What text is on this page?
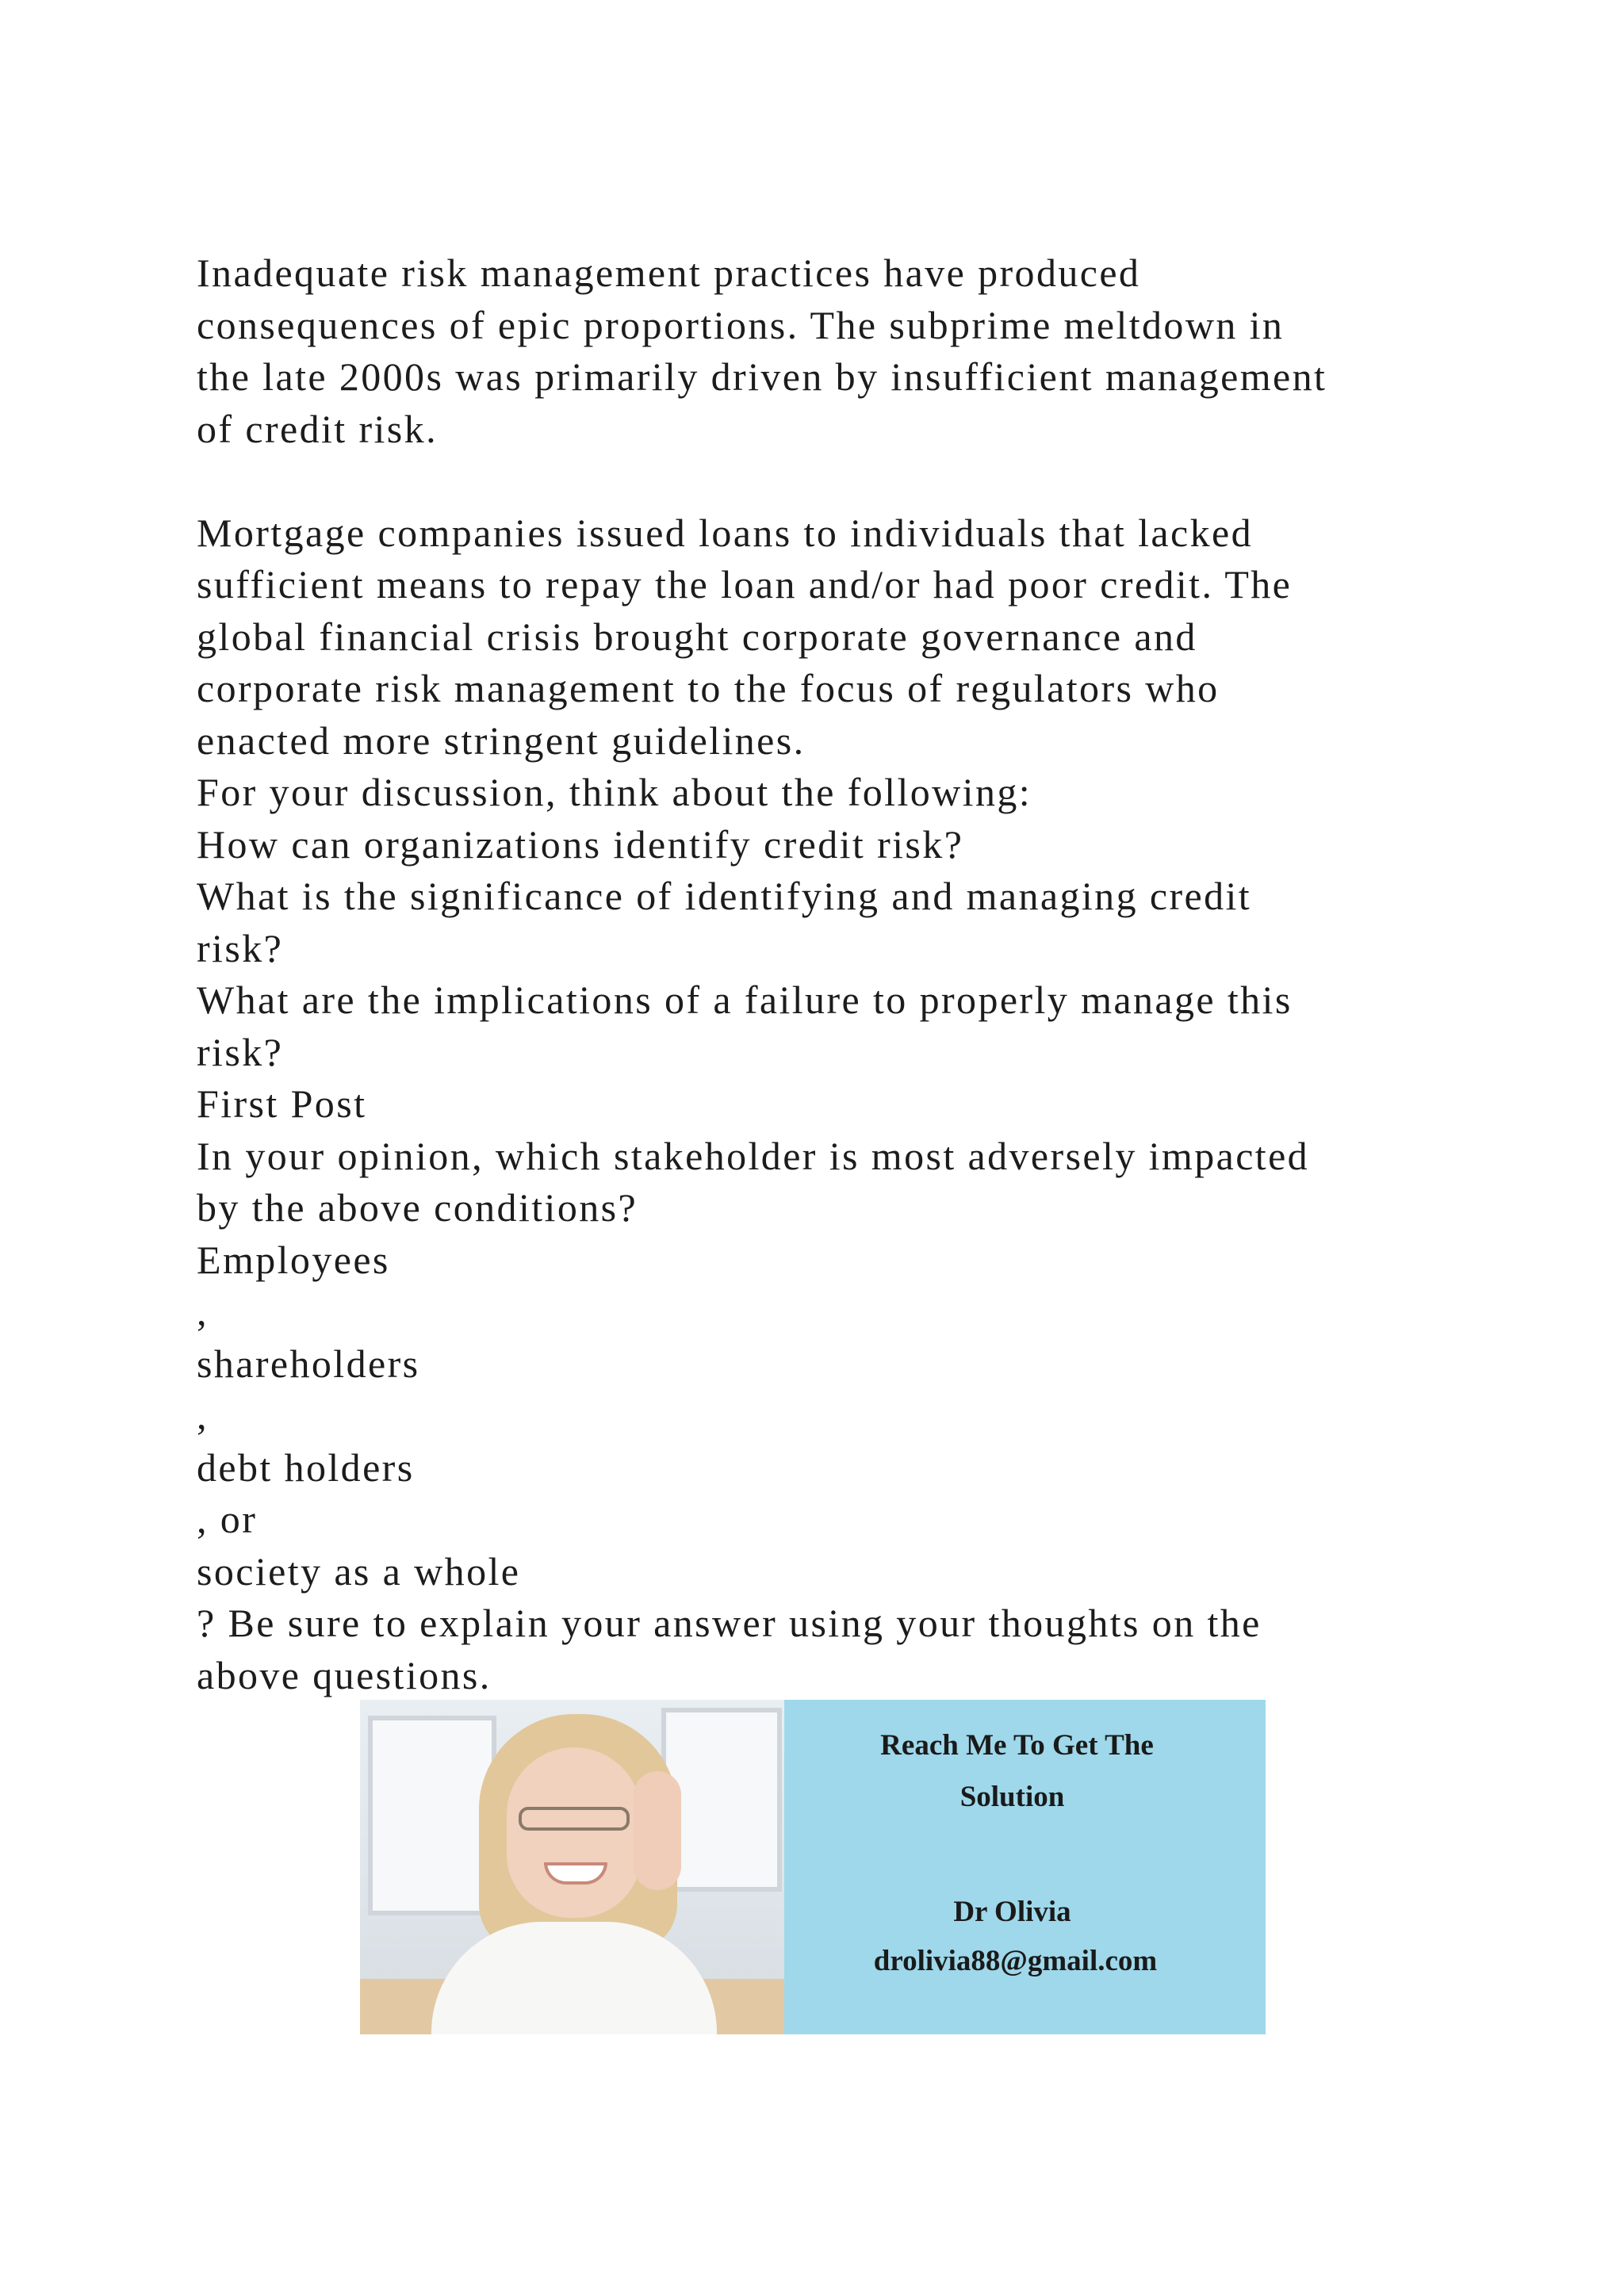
Inadequate risk management practices have produced
consequences of epic proportions. The subprime meltdown in
the late 2000s was primarily driven by insufficient management
of credit risk.
Mortgage companies issued loans to individuals that lacked
sufficient means to repay the loan and/or had poor credit. The
global financial crisis brought corporate governance and
corporate risk management to the focus of regulators who
enacted more stringent guidelines.
For your discussion, think about the following:
How can organizations identify credit risk?
What is the significance of identifying and managing credit
risk?
What are the implications of a failure to properly manage this
risk?
First Post
In your opinion, which stakeholder is most adversely impacted
by the above conditions?
Employees
,
shareholders
,
debt holders
, or
society as a whole
? Be sure to explain your answer using your thoughts on the
above questions.
Reach Me To Get The
Solution
Dr Olivia
drolivia88@gmail.com
